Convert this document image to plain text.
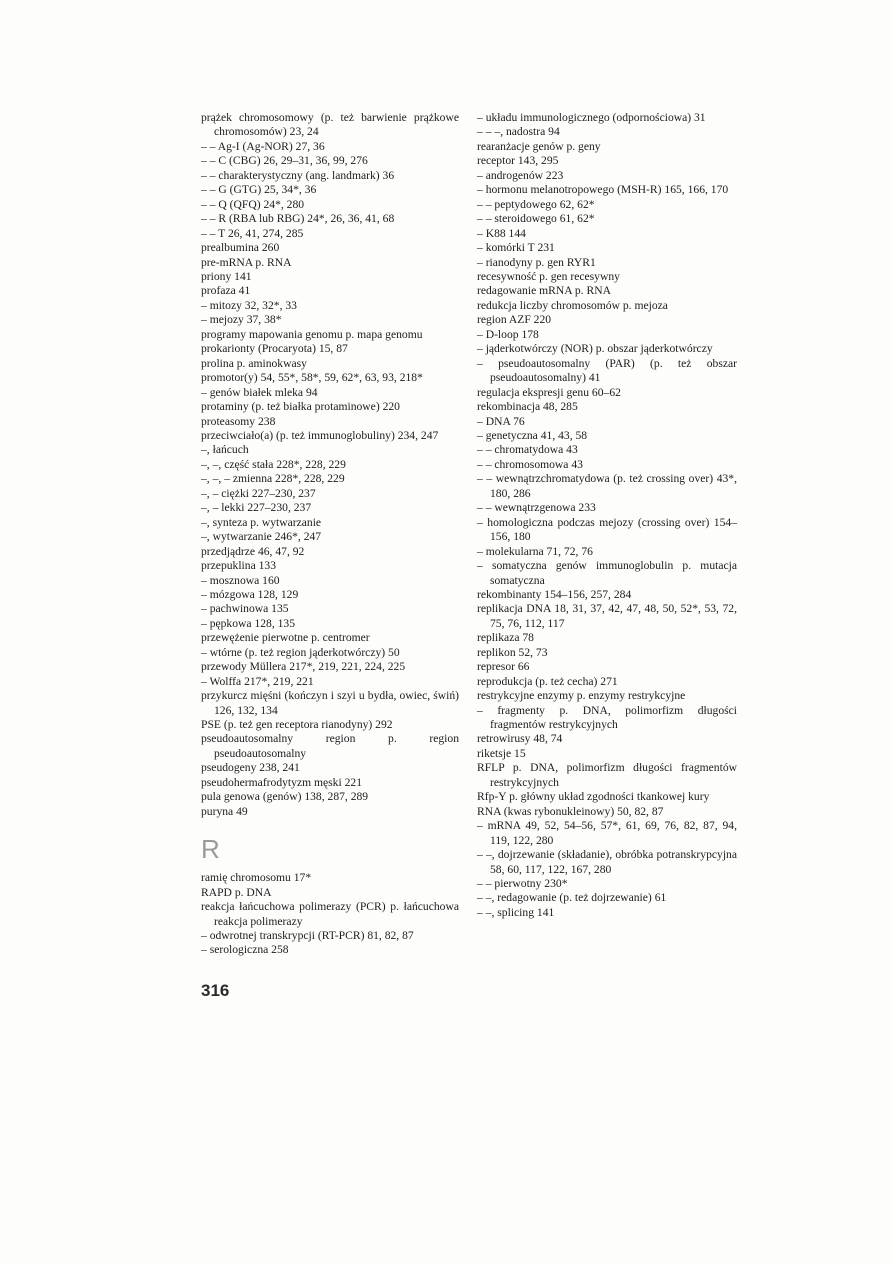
prążek chromosomowy (p. też barwienie prążkowe chromosomów) 23, 24

– – Ag-I (Ag-NOR) 27, 36

– – C (CBG) 26, 29–31, 36, 99, 276

– – charakterystyczny (ang. landmark) 36

– – G (GTG) 25, 34*, 36

– – Q (QFQ) 24*, 280

– – R (RBA lub RBG) 24*, 26, 36, 41, 68

– – T 26, 41, 274, 285

prealbumina 260

pre-mRNA p. RNA

priony 141

profaza 41

– mitozy 32, 32*, 33

– mejozy 37, 38*

programy mapowania genomu p. mapa genomu

prokarionty (Procaryota) 15, 87

prolina p. aminokwasy

promotor(y) 54, 55*, 58*, 59, 62*, 63, 93, 218*

– genów białek mleka 94

protaminy (p. też białka protaminowe) 220

proteasomy 238

przeciwciało(a) (p. też immunoglobuliny) 234, 247

–, łańcuch

–, –, część stała 228*, 228, 229

–, –, – zmienna 228*, 228, 229

–, – ciężki 227–230, 237

–, – lekki 227–230, 237

–, synteza p. wytwarzanie

–, wytwarzanie 246*, 247

przedjądrze 46, 47, 92

przepuklina 133

– mosznowa 160

– mózgowa 128, 129

– pachwinowa 135

– pępkowa 128, 135

przewężenie pierwotne p. centromer

– wtórne (p. też region jąderkotwórczy) 50

przewody Müllera 217*, 219, 221, 224, 225

– Wolffa 217*, 219, 221

przykurcz mięśni (kończyn i szyi u bydła, owiec, świń) 126, 132, 134

PSE (p. też gen receptora rianodyny) 292

pseudoautosomalny region p. region pseudoautosomalny

pseudogeny 238, 241

pseudohermafrodytyzm męski 221

pula genowa (genów) 138, 287, 289

puryna 49

R

ramię chromosomu 17*

RAPD p. DNA

reakcja łańcuchowa polimerazy (PCR) p. łańcuchowa reakcja polimerazy

– odwrotnej transkrypcji (RT-PCR) 81, 82, 87

– serologiczna 258

– układu immunologicznego (odpornościowa) 31

– – –, nadostra 94

rearanżacje genów p. geny

receptor 143, 295

– androgenów 223

– hormonu melanotropowego (MSH-R) 165, 166, 170

– – peptydowego 62, 62*

– – steroidowego 61, 62*

– K88 144

– komórki T 231

– rianodyny p. gen RYR1

recesywność p. gen recesywny

redagowanie mRNA p. RNA

redukcja liczby chromosomów p. mejoza

region AZF 220

– D-loop 178

– jąderkotwórczy (NOR) p. obszar jąderkotwórczy

– pseudoautosomalny (PAR) (p. też obszar pseudoautosomalny) 41

regulacja ekspresji genu 60–62

rekombinacja 48, 285

– DNA 76

– genetyczna 41, 43, 58

– – chromatydowa 43

– – chromosomowa 43

– – wewnątrzchromatydowa (p. też crossing over) 43*, 180, 286

– – wewnątrzgenowa 233

– homologiczna podczas mejozy (crossing over) 154–156, 180

– molekularna 71, 72, 76

– somatyczna genów immunoglobulin p. mutacja somatyczna

rekombinanty 154–156, 257, 284

replikacja DNA 18, 31, 37, 42, 47, 48, 50, 52*, 53, 72, 75, 76, 112, 117

replikaza 78

replikon 52, 73

represor 66

reprodukcja (p. też cecha) 271

restrykcyjne enzymy p. enzymy restrykcyjne

– fragmenty p. DNA, polimorfizm długości fragmentów restrykcyjnych

retrowirusy 48, 74

riketsje 15

RFLP p. DNA, polimorfizm długości fragmentów restrykcyjnych

Rfp-Y p. główny układ zgodności tkankowej kury

RNA (kwas rybonukleinowy) 50, 82, 87

– mRNA 49, 52, 54–56, 57*, 61, 69, 76, 82, 87, 94, 119, 122, 280

– –, dojrzewanie (składanie), obróbka potranskrypcyjna 58, 60, 117, 122, 167, 280

– – pierwotny 230*

– –, redagowanie (p. też dojrzewanie) 61

– –, splicing 141

316
